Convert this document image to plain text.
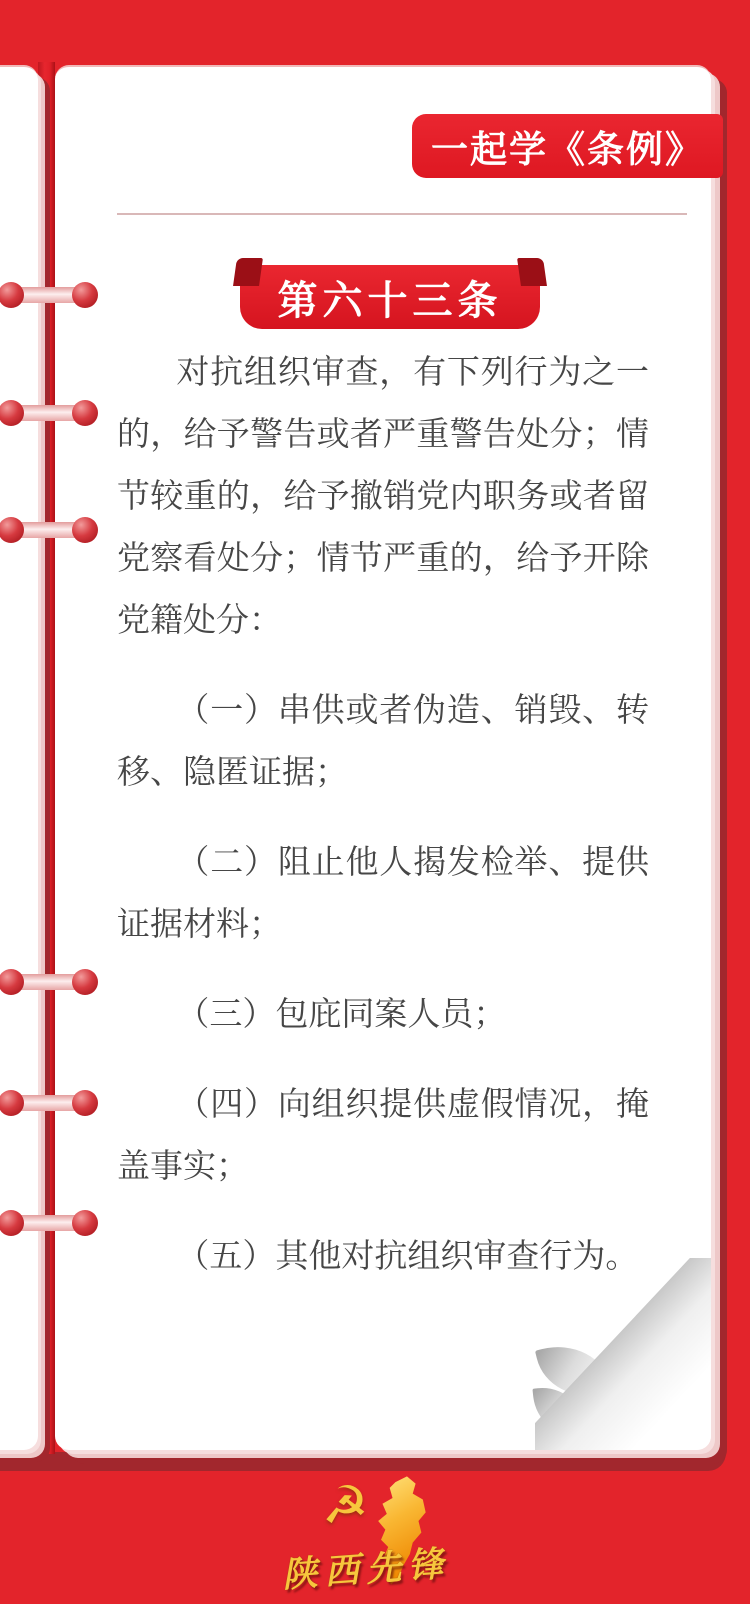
一起学《条例》
第六十三条

对抗组织审查，有下列行为之一的，给予警告或者严重警告处分；情节较重的，给予撤销党内职务或者留党察看处分；情节严重的，给予开除党籍处分：

（一）串供或者伪造、销毁、转移、隐匿证据；

（二）阻止他人揭发检举、提供证据材料；

（三）包庇同案人员；

（四）向组织提供虚假情况，掩盖事实；

（五）其他对抗组织审查行为。

☭
陕西先锋
